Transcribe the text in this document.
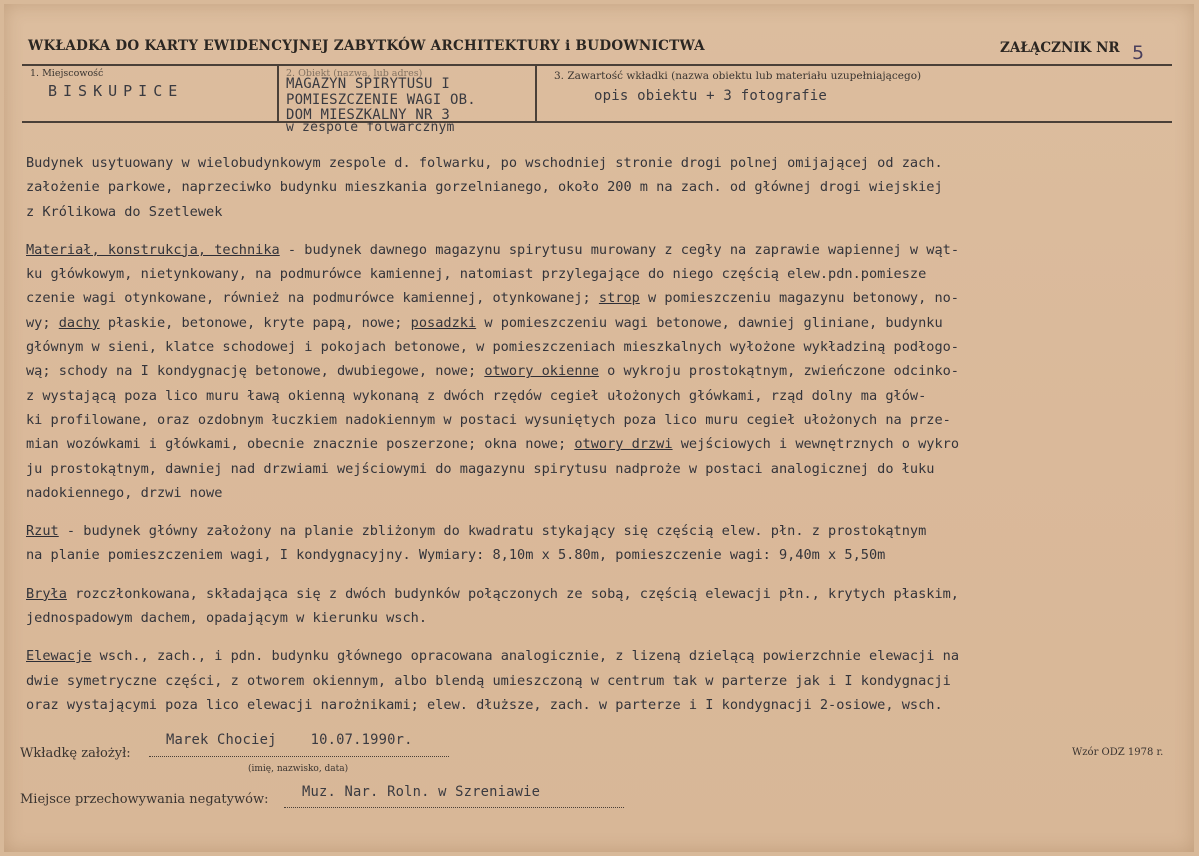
WKŁADKA DO KARTY EWIDENCYJNEJ ZABYTKÓW ARCHITEKTURY i BUDOWNICTWA	ZAŁĄCZNIK NR 5
1. Miejscowość
BISKUPICE
2. Obiekt (nazwa, lub adres)
MAGAZYN SPIRYTUSU I
POMIESZCZENIE WAGI OB.
DOM MIESZKALNY NR 3
w zespole folwarcznym
3. Zawartość wkładki (nazwa obiektu lub materiału uzupełniającego)
opis obiektu + 3 fotografie
Budynek usytuowany w wielobudynkowym zespole d. folwarku, po wschodniej stronie drogi polnej omijającej od zach.
założenie parkowe, naprzeciwko budynku mieszkania gorzelnianego, około 200 m na zach. od głównej drogi wiejskiej
z Królikowa do Szetlewek
Materiał, konstrukcja, technika - budynek dawnego magazynu spirytusu murowany z cegły na zaprawie wapiennej w wąt-
ku główkowym, nietynkowany, na podmurówce kamiennej, natomiast przylegające do niego częścią elew.pdn.pomiesze
czenie wagi otynkowane, również na podmurówce kamiennej, otynkowanej; strop w pomieszczeniu magazynu betonowy, no-
wy; dachy płaskie, betonowe, kryte papą, nowe; posadzki w pomieszczeniu wagi betonowe, dawniej gliniane, budynku
głównym w sieni, klatce schodowej i pokojach betonowe, w pomieszczeniach mieszkalnych wyłożone wykładziną podłogo-
wą; schody na I kondygnację betonowe, dwubiegowe, nowe; otwory okienne o wykroju prostokątnym, zwieńczone odcinko-
z wystającą poza lico muru ławą okienną wykonaną z dwóch rzędów cegieł ułożonych główkami, rząd dolny ma głów-
ki profilowane, oraz ozdobnym łuczkiem nadokiennym w postaci wysuniętych poza lico muru cegieł ułożonych na prze-
mian wozówkami i główkami, obecnie znacznie poszerzone; okna nowe; otwory drzwi wejściowych i wewnętrznych o wykro
ju prostokątnym, dawniej nad drzwiami wejściowymi do magazynu spirytusu nadproże w postaci analogicznej do łuku
nadokiennego, drzwi nowe
Rzut - budynek główny założony na planie zbliżonym do kwadratu stykający się częścią elew. płn. z prostokątnym
na planie pomieszczeniem wagi, I kondygnacyjny. Wymiary: 8,10m x 5.80m, pomieszczenie wagi: 9,40m x 5,50m
Bryła rozczłonkowana, składająca się z dwóch budynków połączonych ze sobą, częścią elewacji płn., krytych płaskim,
jednospadowym dachem, opadającym w kierunku wsch.
Elewacje wsch., zach., i pdn. budynku głównego opracowana analogicznie, z lizeną dzielącą powierzchnie elewacji na
dwie symetryczne części, z otworem okiennym, albo blendą umieszczoną w centrum tak w parterze jak i I kondygnacji
oraz wystającymi poza lico elewacji narożnikami; elew. dłuższe, zach. w parterze i I kondygnacji 2-osiowe, wsch.
Wkładkę założył:
Marek Chociej    10.07.1990r.
(imię, nazwisko, data)
Wzór ODZ 1978 r.
Miejsce przechowywania negatywów: Muz. Nar. Roln. w Szreniawie
